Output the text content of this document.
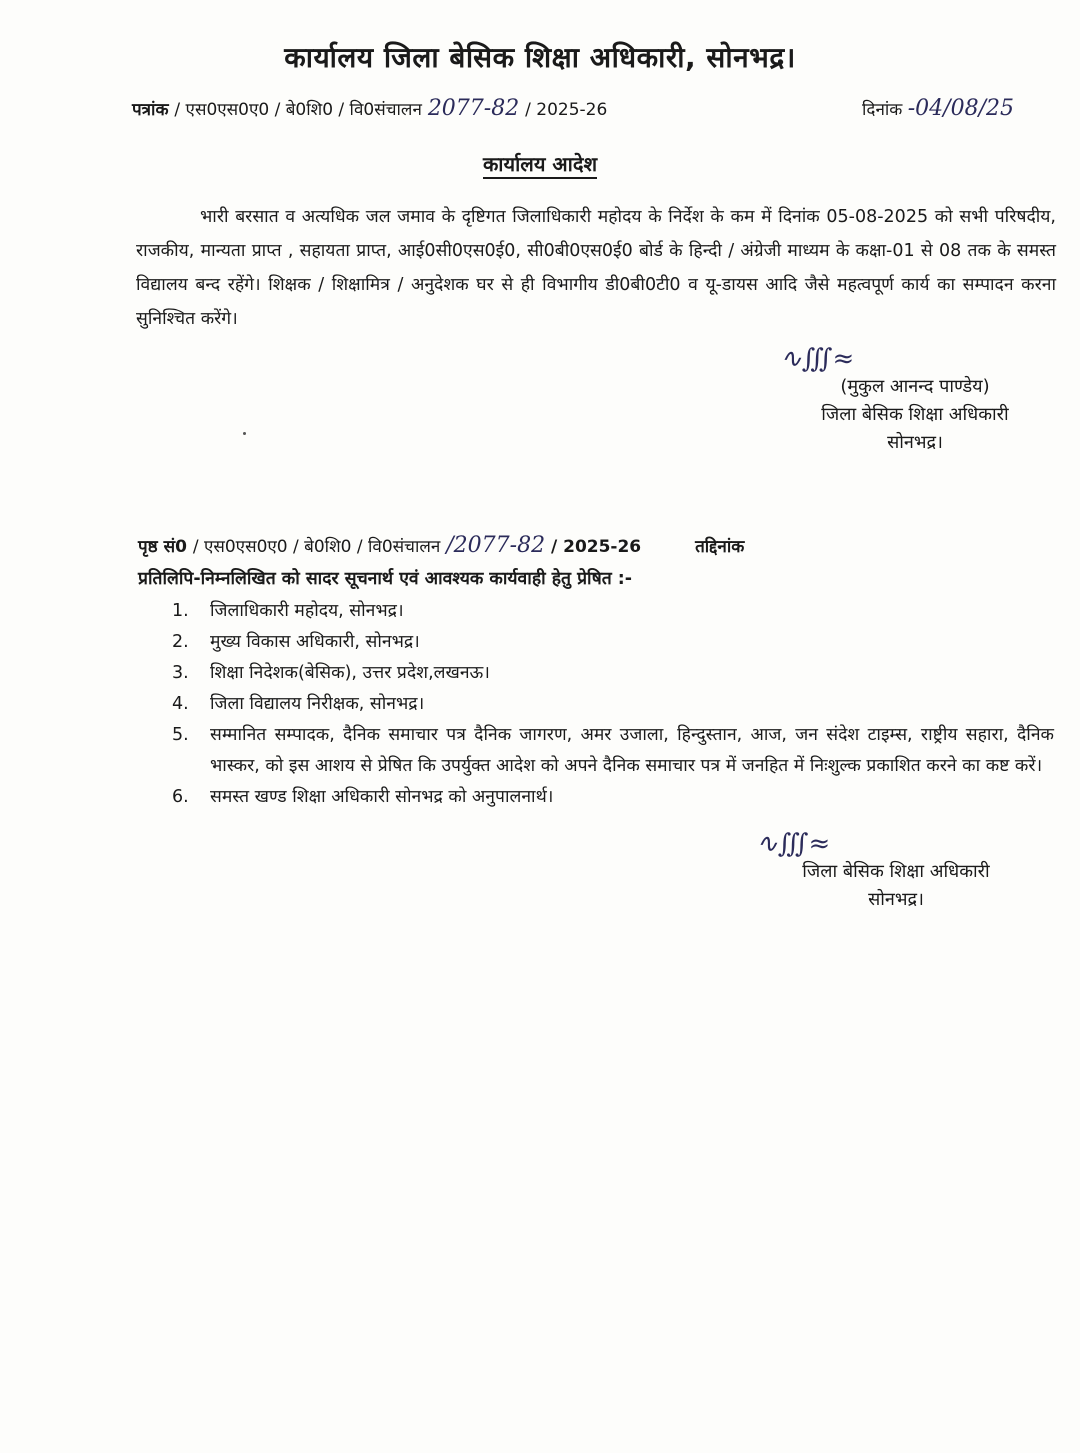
कार्यालय जिला बेसिक शिक्षा अधिकारी, सोनभद्र।
पत्रांक / एस0एस0ए0 / बे0शि0 / वि0संचालन 2077-82 / 2025-26	दिनांक -04/08/25
कार्यालय आदेश
भारी बरसात व अत्यधिक जल जमाव के दृष्टिगत जिलाधिकारी महोदय के निर्देश के कम में दिनांक 05-08-2025 को सभी परिषदीय, राजकीय, मान्यता प्राप्त , सहायता प्राप्त, आई0सी0एस0ई0, सी0बी0एस0ई0 बोर्ड के हिन्दी / अंग्रेजी माध्यम के कक्षा-01 से 08 तक के समस्त विद्यालय बन्द रहेंगे। शिक्षक / शिक्षामित्र / अनुदेशक घर से ही विभागीय डी0बी0टी0 व यू-डायस आदि जैसे महत्वपूर्ण कार्य का सम्पादन करना सुनिश्चित करेंगे।
∿∭≈
(मुकुल आनन्द पाण्डेय)
जिला बेसिक शिक्षा अधिकारी
सोनभद्र।
पृष्ठ सं0 / एस0एस0ए0 / बे0शि0 / वि0संचालन /2077-82 / 2025-26	तद्दिनांक
प्रतिलिपि-निम्नलिखित को सादर सूचनार्थ एवं आवश्यक कार्यवाही हेतु प्रेषित :-
1.	जिलाधिकारी महोदय, सोनभद्र।
2.	मुख्य विकास अधिकारी, सोनभद्र।
3.	शिक्षा निदेशक(बेसिक), उत्तर प्रदेश,लखनऊ।
4.	जिला विद्यालय निरीक्षक, सोनभद्र।
5.	सम्मानित सम्पादक, दैनिक समाचार पत्र दैनिक जागरण, अमर उजाला, हिन्दुस्तान, आज, जन संदेश टाइम्स, राष्ट्रीय सहारा, दैनिक भास्कर, को इस आशय से प्रेषित कि उपर्युक्त आदेश को अपने दैनिक समाचार पत्र में जनहित में निःशुल्क प्रकाशित करने का कष्ट करें।
6.	समस्त खण्ड शिक्षा अधिकारी सोनभद्र को अनुपालनार्थ।
∿∭≈
जिला बेसिक शिक्षा अधिकारी
सोनभद्र।
